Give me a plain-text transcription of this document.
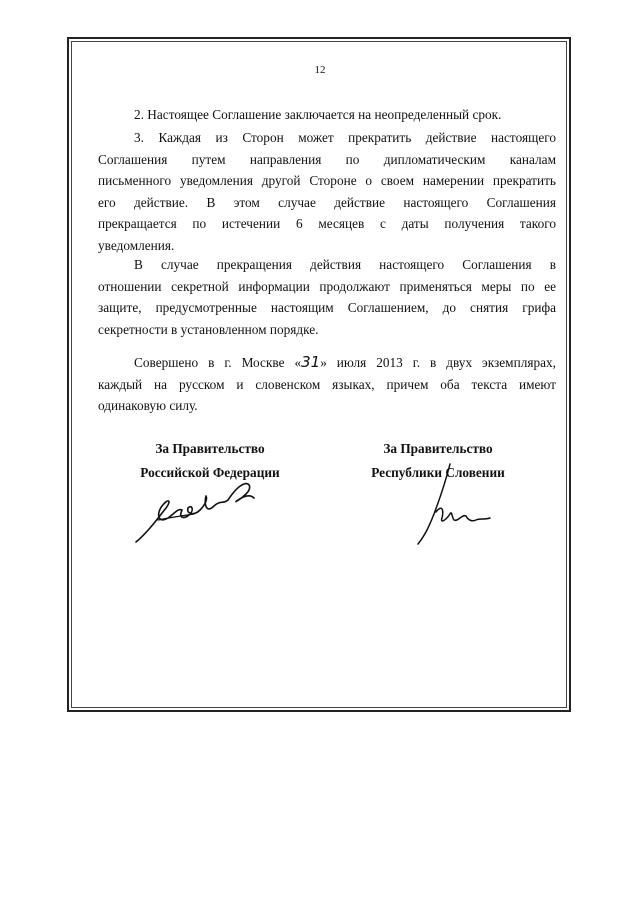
12
2. Настоящее Соглашение заключается на неопределенный срок.
3. Каждая из Сторон может прекратить действие настоящего
Соглашения путем направления по дипломатическим каналам
письменного уведомления другой Стороне о своем намерении прекратить
его действие. В этом случае действие настоящего Соглашения
прекращается по истечении 6 месяцев с даты получения такого
уведомления.
В случае прекращения действия настоящего Соглашения в
отношении секретной информации продолжают применяться меры по ее
защите, предусмотренные настоящим Соглашением, до снятия грифа
секретности в установленном порядке.
Совершено в г. Москве «31» июля 2013 г. в двух экземплярах,
каждый на русском и словенском языках, причем оба текста имеют
одинаковую силу.
За Правительство
Российской Федерации
За Правительство
Республики Словении
